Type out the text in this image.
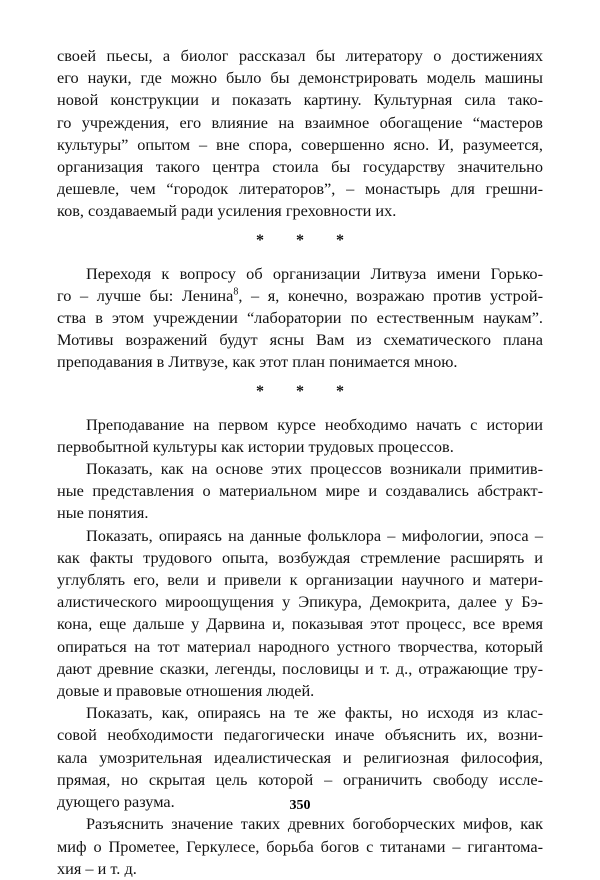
своей пьесы, а биолог рассказал бы литератору о достижениях
его науки, где можно было бы демонстрировать модель машины
новой конструкции и показать картину. Культурная сила тако-
го учреждения, его влияние на взаимное обогащение “мастеров
культуры” опытом – вне спора, совершенно ясно. И, разумеется,
организация такого центра стоила бы государству значительно
дешевле, чем “городок литераторов”, – монастырь для грешни-
ков, создаваемый ради усиления греховности их.
* * *
Переходя к вопросу об организации Литвуза имени Горько-
го – лучше бы: Ленина$^8$, – я, конечно, возражаю против устрой-
ства в этом учреждении “лаборатории по естественным наукам”.
Мотивы возражений будут ясны Вам из схематического плана
преподавания в Литвузе, как этот план понимается мною.
* * *
Преподавание на первом курсе необходимо начать с истории
первобытной культуры как истории трудовых процессов.
Показать, как на основе этих процессов возникали примитив-
ные представления о материальном мире и создавались абстракт-
ные понятия.
Показать, опираясь на данные фольклора – мифологии, эпоса –
как факты трудового опыта, возбуждая стремление расширять и
углублять его, вели и привели к организации научного и матери-
алистического мироощущения у Эпикура, Демокрита, далее у Бэ-
кона, еще дальше у Дарвина и, показывая этот процесс, все время
опираться на тот материал народного устного творчества, который
дают древние сказки, легенды, пословицы и т. д., отражающие тру-
довые и правовые отношения людей.
Показать, как, опираясь на те же факты, но исходя из клас-
совой необходимости педагогически иначе объяснить их, возни-
кала умозрительная идеалистическая и религиозная философия,
прямая, но скрытая цель которой – ограничить свободу иссле-
дующего разума.
Разъяснить значение таких древних богоборческих мифов, как
миф о Прометее, Геркулесе, борьба богов с титанами – гигантома-
хия – и т. д.
350
